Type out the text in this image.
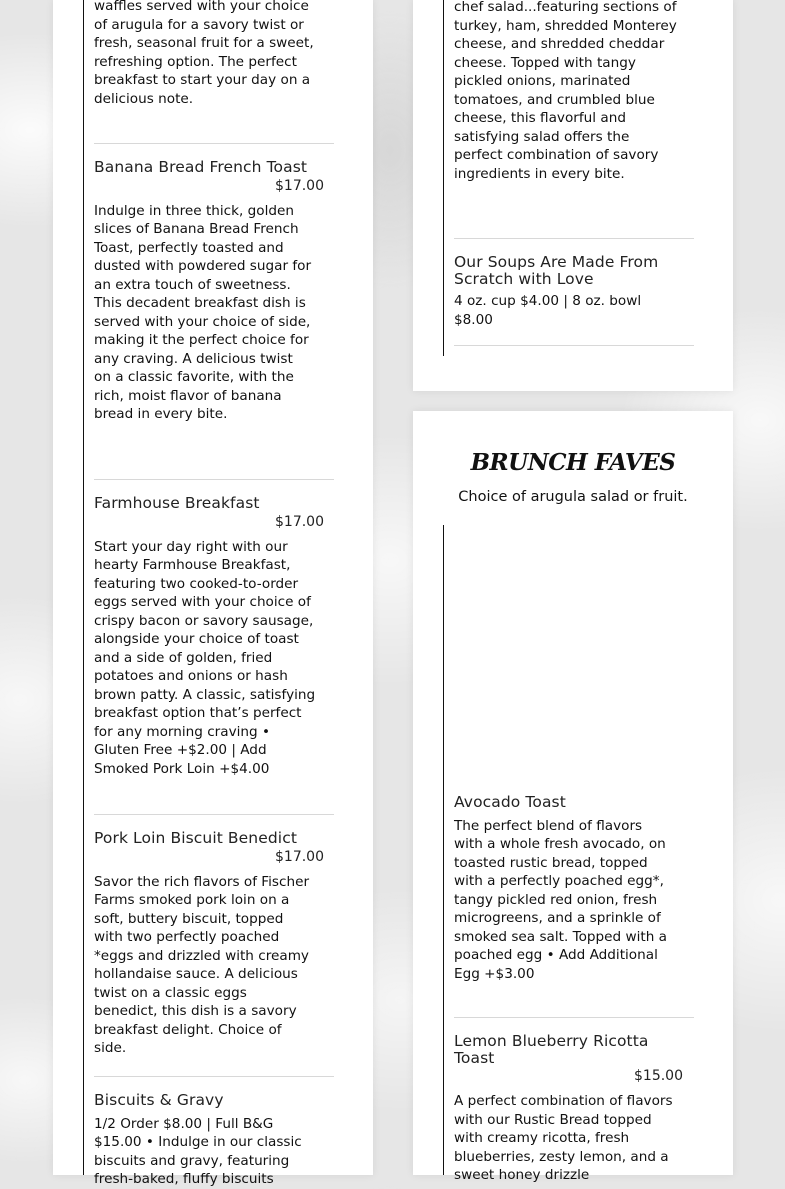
waffles served with your choice of arugula for a savory twist or fresh, seasonal fruit for a sweet, refreshing option. The perfect breakfast to start your day on a delicious note.

Banana Bread French Toast

$17.00

Indulge in three thick, golden slices of Banana Bread French Toast, perfectly toasted and dusted with powdered sugar for an extra touch of sweetness. This decadent breakfast dish is served with your choice of side, making it the perfect choice for any craving. A delicious twist on a classic favorite, with the rich, moist flavor of banana bread in every bite.

Farmhouse Breakfast

$17.00

Start your day right with our hearty Farmhouse Breakfast, featuring two cooked-to-order eggs served with your choice of crispy bacon or savory sausage, alongside your choice of toast and a side of golden, fried potatoes and onions or hash brown patty. A classic, satisfying breakfast option that’s perfect for any morning craving • Gluten Free +$2.00 | Add Smoked Pork Loin +$4.00

Pork Loin Biscuit Benedict

$17.00

Savor the rich flavors of Fischer Farms smoked pork loin on a soft, buttery biscuit, topped with two perfectly poached *eggs and drizzled with creamy hollandaise sauce. A delicious twist on a classic eggs benedict, this dish is a savory breakfast delight. Choice of side.

Biscuits & Gravy

1/2 Order $8.00 | Full B&G $15.00 • Indulge in our classic biscuits and gravy, featuring fresh-baked, fluffy biscuits

chef salad...featuring sections of turkey, ham, shredded Monterey cheese, and shredded cheddar cheese. Topped with tangy pickled onions, marinated tomatoes, and crumbled blue cheese, this flavorful and satisfying salad offers the perfect combination of savory ingredients in every bite.

Our Soups Are Made From Scratch with Love

4 oz. cup $4.00 | 8 oz. bowl $8.00

BRUNCH FAVES
Choice of arugula salad or fruit.

Avocado Toast

The perfect blend of flavors with a whole fresh avocado, on toasted rustic bread, topped with a perfectly poached egg*, tangy pickled red onion, fresh microgreens, and a sprinkle of smoked sea salt. Topped with a poached egg • Add Additional Egg +$3.00

Lemon Blueberry Ricotta Toast

$15.00

A perfect combination of flavors with our Rustic Bread topped with creamy ricotta, fresh blueberries, zesty lemon, and a sweet honey drizzle
